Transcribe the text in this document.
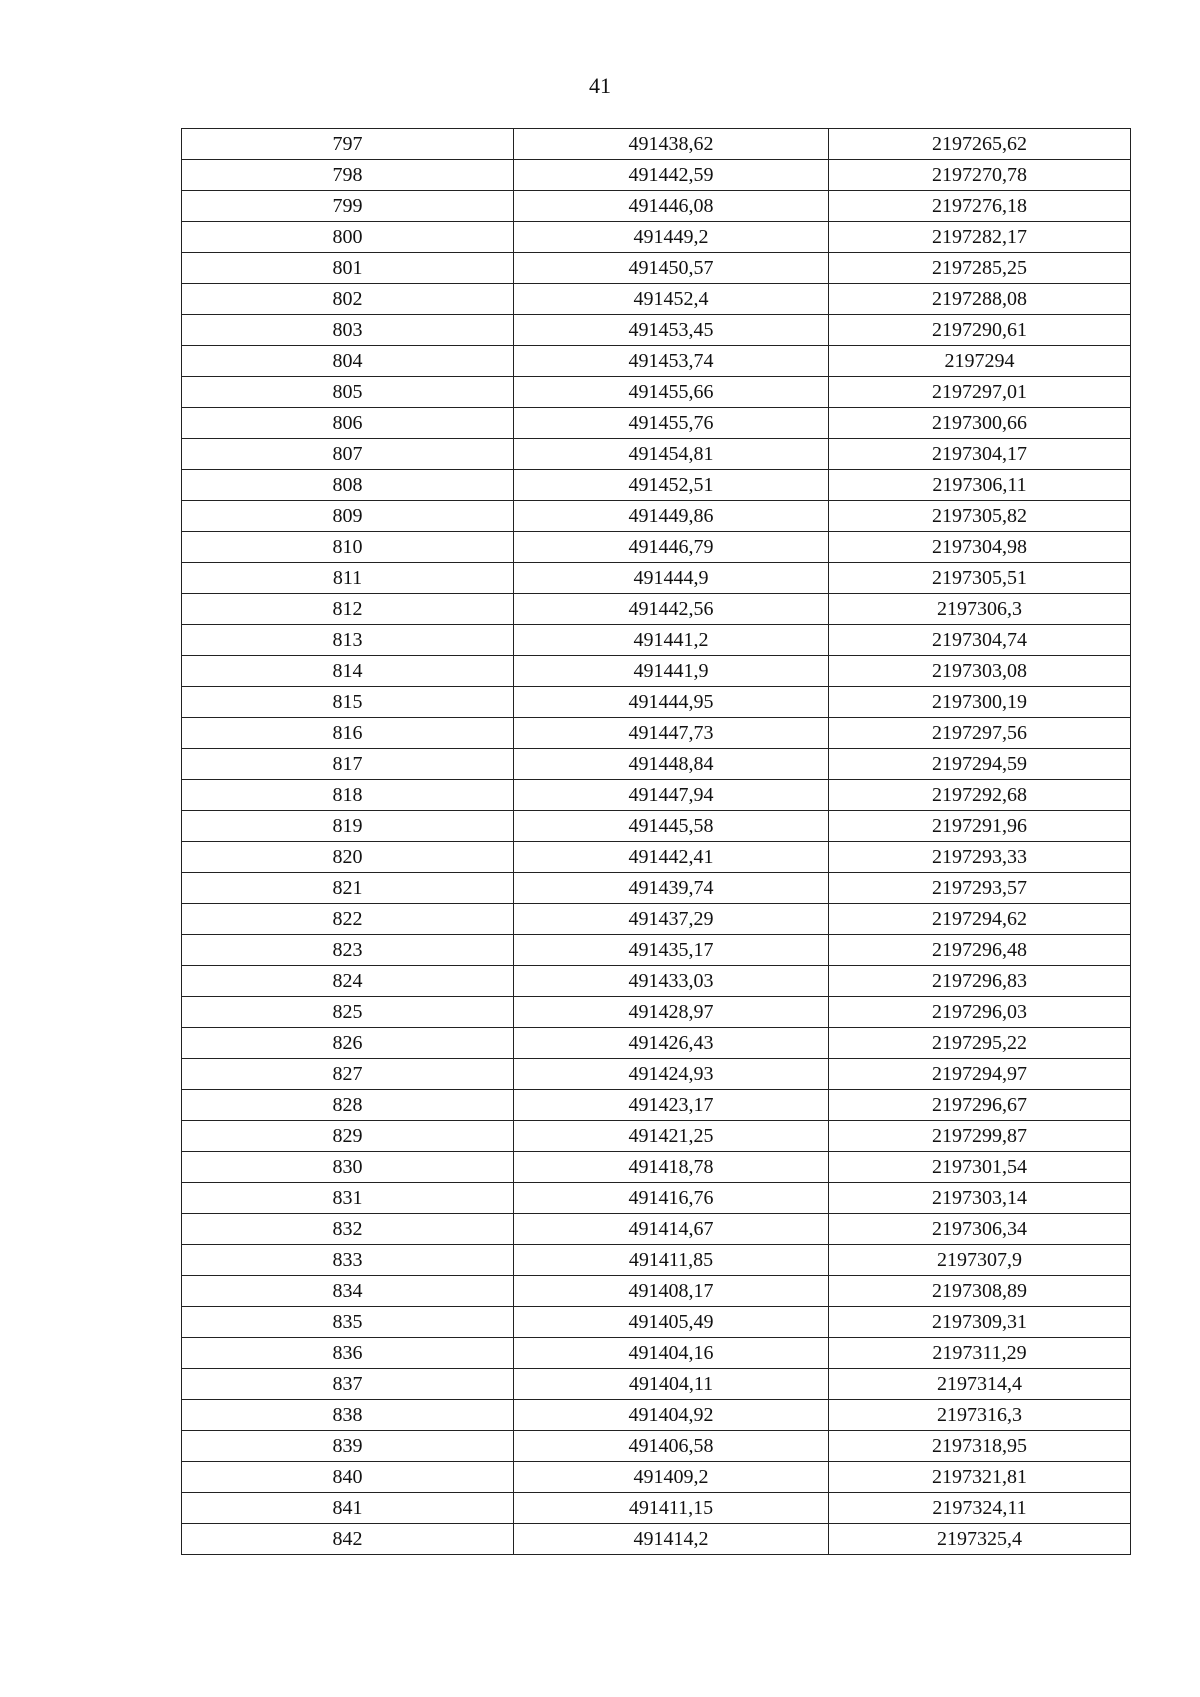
41
797	491438,62	2197265,62
798	491442,59	2197270,78
799	491446,08	2197276,18
800	491449,2	2197282,17
801	491450,57	2197285,25
802	491452,4	2197288,08
803	491453,45	2197290,61
804	491453,74	2197294
805	491455,66	2197297,01
806	491455,76	2197300,66
807	491454,81	2197304,17
808	491452,51	2197306,11
809	491449,86	2197305,82
810	491446,79	2197304,98
811	491444,9	2197305,51
812	491442,56	2197306,3
813	491441,2	2197304,74
814	491441,9	2197303,08
815	491444,95	2197300,19
816	491447,73	2197297,56
817	491448,84	2197294,59
818	491447,94	2197292,68
819	491445,58	2197291,96
820	491442,41	2197293,33
821	491439,74	2197293,57
822	491437,29	2197294,62
823	491435,17	2197296,48
824	491433,03	2197296,83
825	491428,97	2197296,03
826	491426,43	2197295,22
827	491424,93	2197294,97
828	491423,17	2197296,67
829	491421,25	2197299,87
830	491418,78	2197301,54
831	491416,76	2197303,14
832	491414,67	2197306,34
833	491411,85	2197307,9
834	491408,17	2197308,89
835	491405,49	2197309,31
836	491404,16	2197311,29
837	491404,11	2197314,4
838	491404,92	2197316,3
839	491406,58	2197318,95
840	491409,2	2197321,81
841	491411,15	2197324,11
842	491414,2	2197325,4
